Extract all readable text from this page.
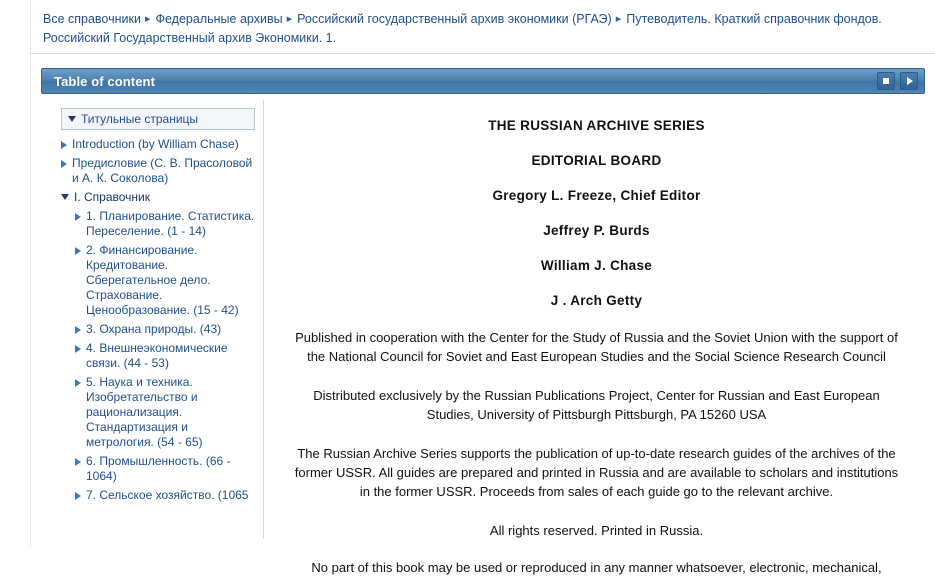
Все справочники ▸ Федеральные архивы ▸ Российский государственный архив экономики (РГАЭ) ▸ Путеводитель. Краткий справочник фондов. Российский Государственный архив Экономики. 1.
Table of content
Титульные страницы
Introduction (by William Chase)
Предисловие (С. В. Прасоловой и А. К. Соколова)
I. Справочник
1. Планирование. Статистика. Переселение. (1 - 14)
2. Финансирование. Кредитование. Сберегательное дело. Страхование. Ценообразование. (15 - 42)
3. Охрана природы. (43)
4. Внешнеэкономические связи. (44 - 53)
5. Наука и техника. Изобретательство и рационализация. Стандартизация и метрология. (54 - 65)
6. Промышленность. (66 - 1064)
7. Сельское хозяйство. (1065
THE RUSSIAN ARCHIVE SERIES
EDITORIAL BOARD
Gregory L. Freeze, Chief Editor
Jeffrey P. Burds
William J. Chase
J . Arch Getty

Published in cooperation with the Center for the Study of Russia and the Soviet Union with the support of the National Council for Soviet and East European Studies and the Social Science Research Council

Distributed exclusively by the Russian Publications Project, Center for Russian and East European Studies, University of Pittsburgh Pittsburgh, PA 15260 USA

The Russian Archive Series supports the publication of up-to-date research guides of the archives of the former USSR. All guides are prepared and printed in Russia and are available to scholars and institutions in the former USSR. Proceeds from sales of each guide go to the relevant archive.

All rights reserved. Printed in Russia.

No part of this book may be used or reproduced in any manner whatsoever, electronic, mechanical,
